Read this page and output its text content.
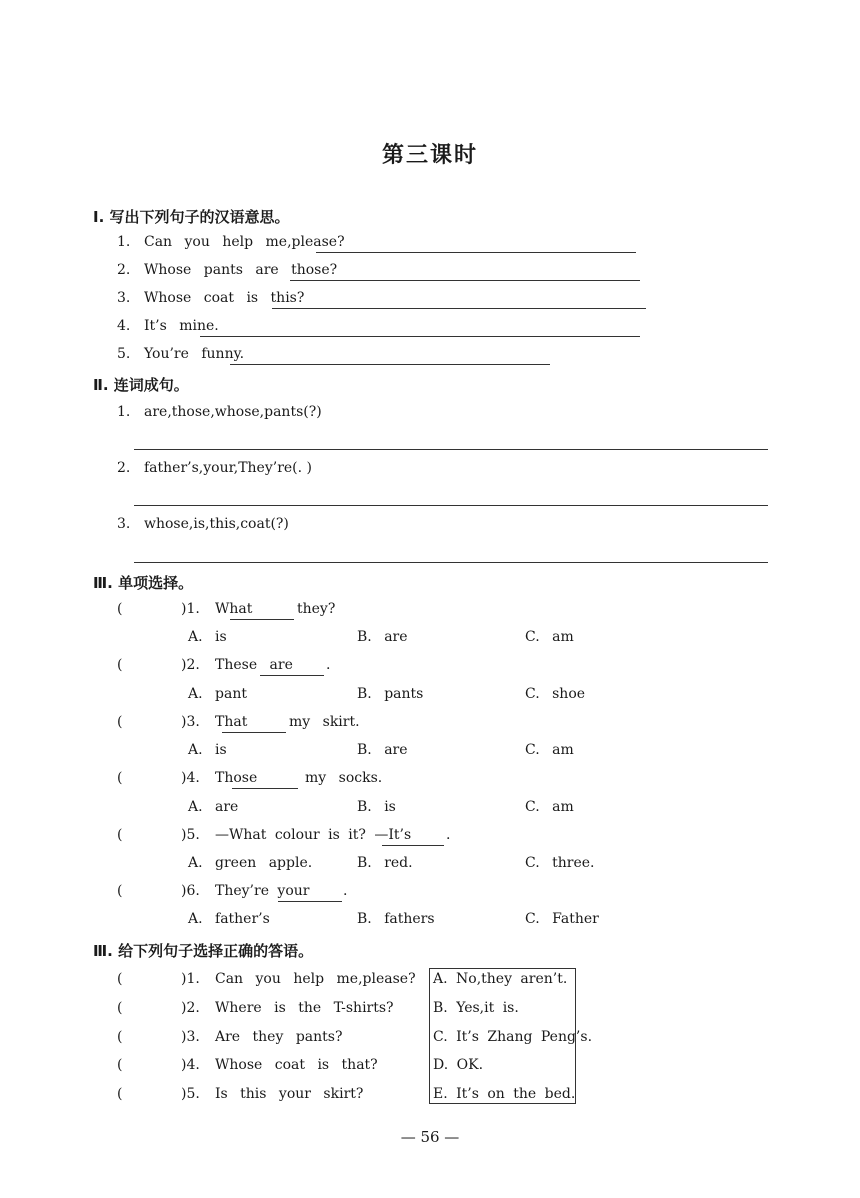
第三课时
Ⅰ. 写出下列句子的汉语意思。
1. Can you help me,please?
2. Whose pants are those?
3. Whose coat is this?
4. It’s mine.
5. You’re funny.
Ⅱ. 连词成句。
1. are,those,whose,pants(?)
2. father’s,your,They’re(. )
3. whose,is,this,coat(?)
Ⅲ. 单项选择。
(	)1. What	they?
A. is	B. are	C. am
(	)2. These are .
A. pant	B. pants	C. shoe
(	)3. That	my skirt.
A. is	B. are	C. am
(	)4. Those	my socks.
A. are	B. is	C. am
(	)5. —What colour is it? —It’s .
A. green apple.	B. red.	C. three.
(	)6. They’re your .
A. father’s	B. fathers	C. Father
Ⅲ. 给下列句子选择正确的答语。
(	)1. Can you help me,please?
(	)2. Where is the T-shirts?
(	)3. Are they pants?
(	)4. Whose coat is that?
(	)5. Is this your skirt?
A. No,they aren’t.
B. Yes,it is.
C. It’s Zhang Peng’s.
D. OK.
E. It’s on the bed.
— 56 —
